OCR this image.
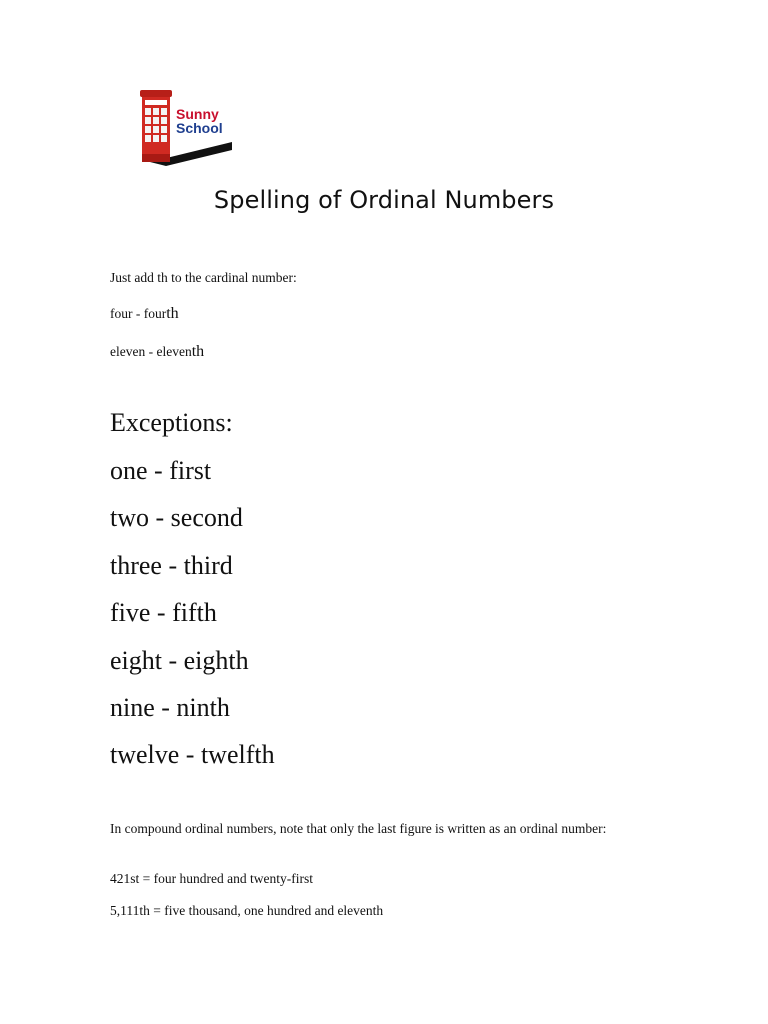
Sunny
School
Spelling of Ordinal Numbers
Just add th to the cardinal number:
four - fourth
eleven - eleventh
Exceptions:
one - first
two - second
three - third
five - fifth
eight - eighth
nine - ninth
twelve - twelfth
In compound ordinal numbers, note that only the last figure is written as an ordinal number:
421st = four hundred and twenty-first
5,111th = five thousand, one hundred and eleventh
